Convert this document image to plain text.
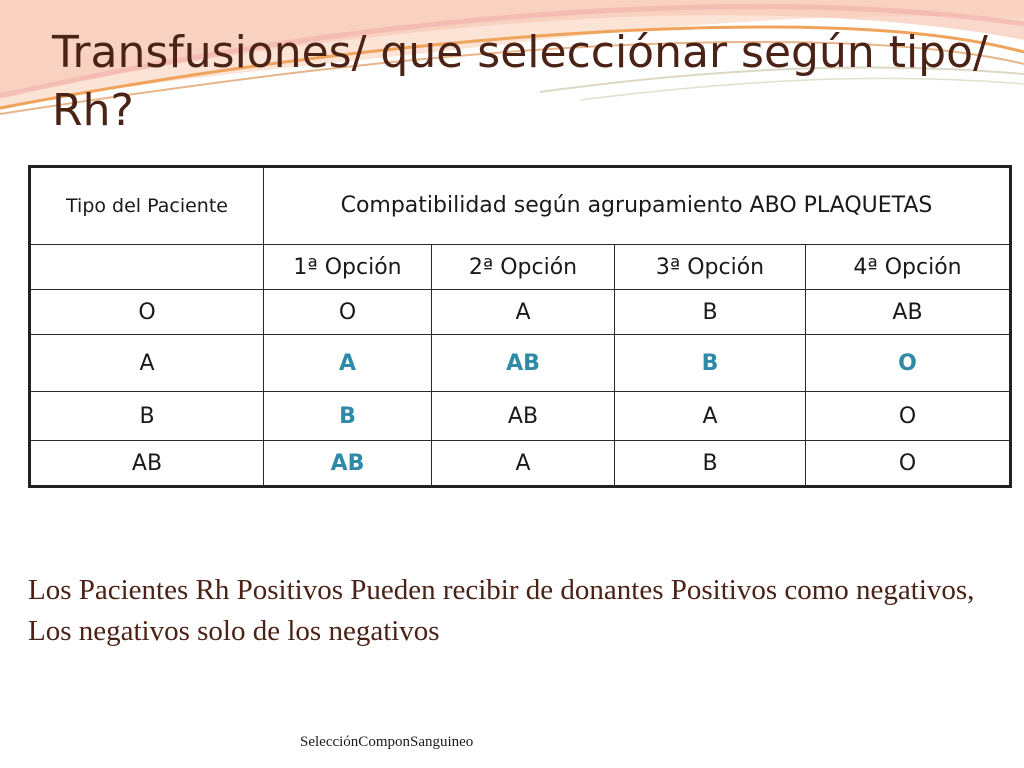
Transfusiones/ que selecciónar según tipo/ Rh?
Tipo del Paciente	Compatibilidad según agrupamiento ABO PLAQUETAS			
	1ª Opción	2ª Opción	3ª Opción	4ª Opción
O	O	A	B	AB
A	A	AB	B	O
B	B	AB	A	O
AB	AB	A	B	O

Los Pacientes Rh Positivos Pueden recibir de donantes Positivos como negativos, Los negativos solo de los negativos

SelecciónComponSanguineo
